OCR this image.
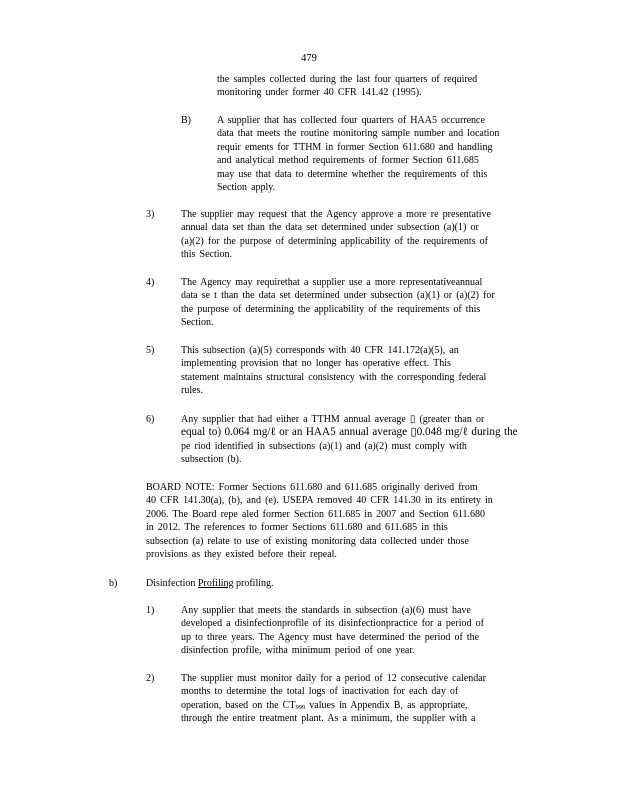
479
the samples collected during the last four quarters of required
monitoring under former 40 CFR 141.42 (1995).
B)	A supplier that has collected four quarters of HAA5 occurrence
data that meets the routine monitoring sample number and location
requir ements for TTHM in former Section 611.680 and handling
and analytical method requirements of former Section 611.685
may use that data to determine whether the requirements of this
Section apply.
3)	The supplier may request that the Agency approve a more re presentative
annual data set than the data set determined under subsection (a)(1) or
(a)(2) for the purpose of determining applicability of the requirements of
this Section.
4)	The Agency may requirethat a supplier use a more representativeannual
data se t than the data set determined under subsection (a)(1) or (a)(2) for
the purpose of determining the applicability of the requirements of this
Section.
5)	This subsection (a)(5) corresponds with 40 CFR 141.172(a)(5), an
implementing provision that no longer has operative effect. This
statement maintains structural consistency with the corresponding federal
rules.
6)	Any supplier that had either a TTHM annual average ▯ (greater than or
equal to) 0.064 mg/ℓ or an HAA5 annual average ▯0.048 mg/ℓ during the
pe riod identified in subsections (a)(1) and (a)(2) must comply with
subsection (b).
BOARD NOTE: Former Sections 611.680 and 611.685 originally derived from
40 CFR 141.30(a), (b), and (e). USEPA removed 40 CFR 141.30 in its entirety in
2006. The Board repe aled former Section 611.685 in 2007 and Section 611.680
in 2012. The references to former Sections 611.680 and 611.685 in this
subsection (a) relate to use of existing monitoring data collected under those
provisions as they existed before their repeal.
b)	Disinfection Profiling profiling.
1)	Any supplier that meets the standards in subsection (a)(6) must have
developed a disinfectionprofile of its disinfectionpractice for a period of
up to three years. The Agency must have determined the period of the
disinfection profile, witha minimum period of one year.
2)	The supplier must monitor daily for a period of 12 consecutive calendar
months to determine the total logs of inactivation for each day of
operation, based on the CT999 values in Appendix B, as appropriate,
through the entire treatment plant. As a minimum, the supplier with a
